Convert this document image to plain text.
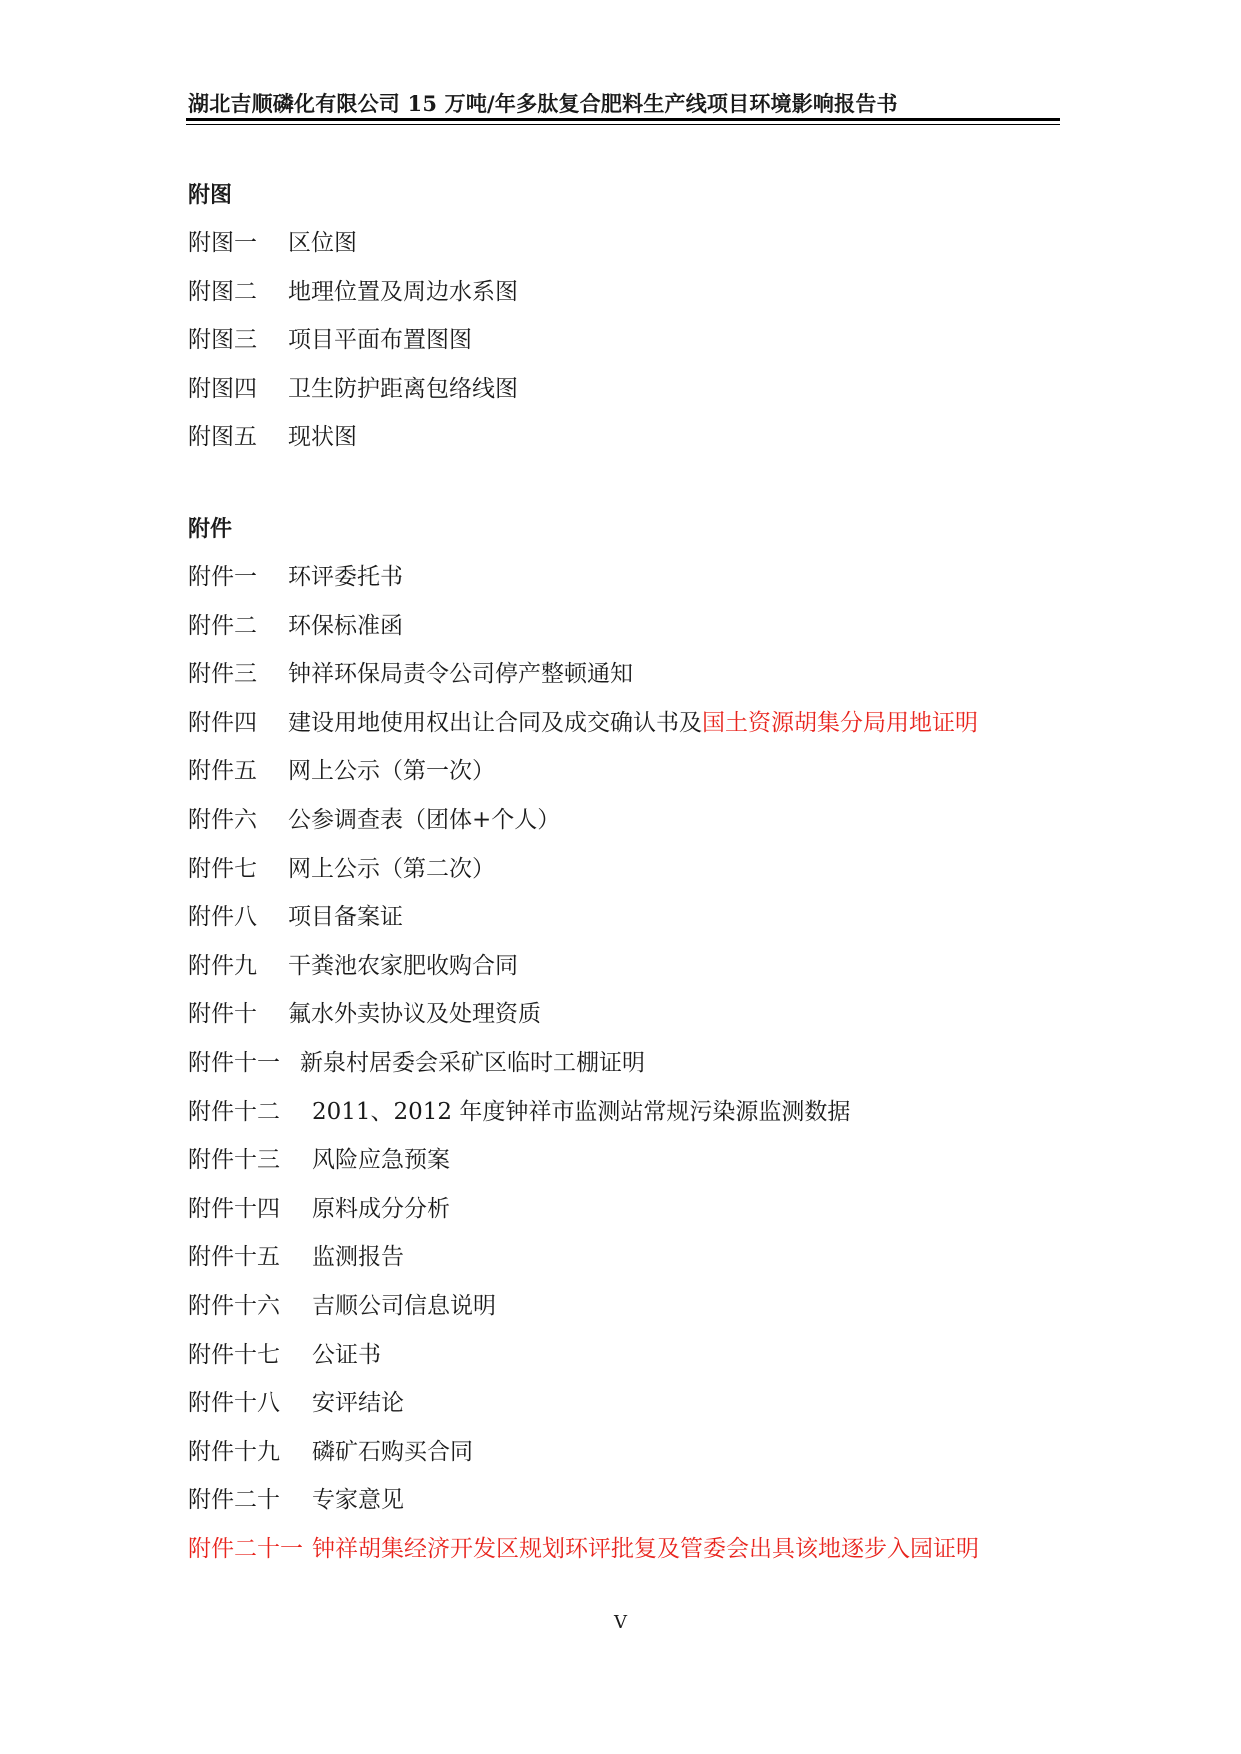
湖北吉顺磷化有限公司 15 万吨/年多肽复合肥料生产线项目环境影响报告书
附图
附图一 区位图
附图二 地理位置及周边水系图
附图三 项目平面布置图图
附图四 卫生防护距离包络线图
附图五 现状图
附件
附件一 环评委托书
附件二 环保标准函
附件三 钟祥环保局责令公司停产整顿通知
附件四 建设用地使用权出让合同及成交确认书及国土资源胡集分局用地证明
附件五 网上公示（第一次）
附件六 公参调查表（团体+个人）
附件七 网上公示（第二次）
附件八 项目备案证
附件九 干粪池农家肥收购合同
附件十 氟水外卖协议及处理资质
附件十一 新泉村居委会采矿区临时工棚证明
附件十二 2011、2012 年度钟祥市监测站常规污染源监测数据
附件十三 风险应急预案
附件十四 原料成分分析
附件十五 监测报告
附件十六 吉顺公司信息说明
附件十七 公证书
附件十八 安评结论
附件十九 磷矿石购买合同
附件二十 专家意见
附件二十一 钟祥胡集经济开发区规划环评批复及管委会出具该地逐步入园证明
V
